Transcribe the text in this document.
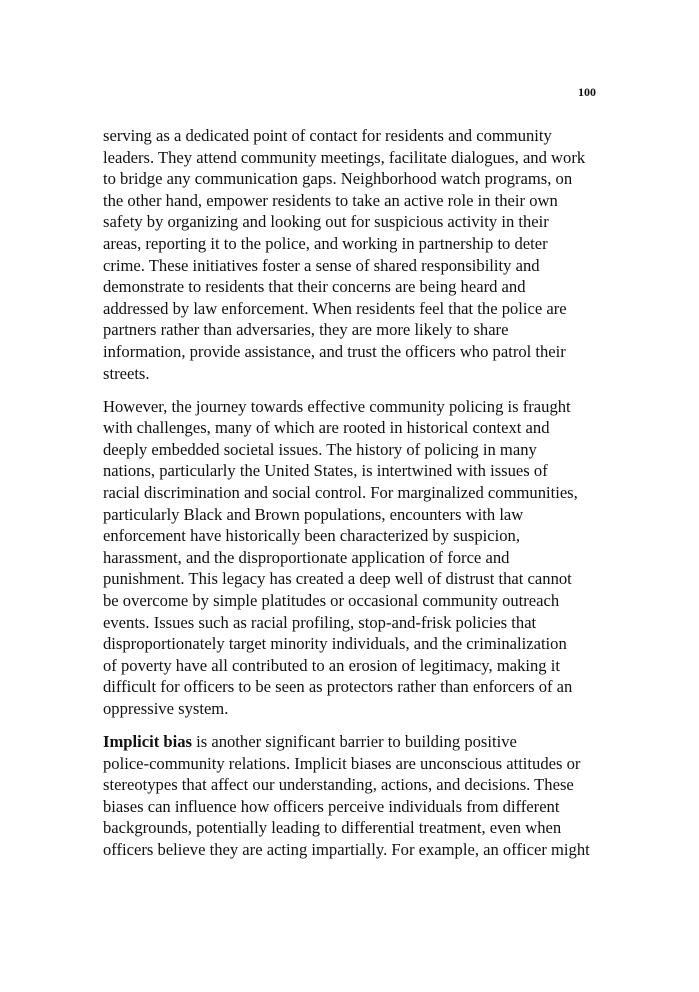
100
serving as a dedicated point of contact for residents and community
leaders. They attend community meetings, facilitate dialogues, and work
to bridge any communication gaps. Neighborhood watch programs, on
the other hand, empower residents to take an active role in their own
safety by organizing and looking out for suspicious activity in their
areas, reporting it to the police, and working in partnership to deter
crime. These initiatives foster a sense of shared responsibility and
demonstrate to residents that their concerns are being heard and
addressed by law enforcement. When residents feel that the police are
partners rather than adversaries, they are more likely to share
information, provide assistance, and trust the officers who patrol their
streets.
However, the journey towards effective community policing is fraught
with challenges, many of which are rooted in historical context and
deeply embedded societal issues. The history of policing in many
nations, particularly the United States, is intertwined with issues of
racial discrimination and social control. For marginalized communities,
particularly Black and Brown populations, encounters with law
enforcement have historically been characterized by suspicion,
harassment, and the disproportionate application of force and
punishment. This legacy has created a deep well of distrust that cannot
be overcome by simple platitudes or occasional community outreach
events. Issues such as racial profiling, stop-and-frisk policies that
disproportionately target minority individuals, and the criminalization
of poverty have all contributed to an erosion of legitimacy, making it
difficult for officers to be seen as protectors rather than enforcers of an
oppressive system.
Implicit bias is another significant barrier to building positive
police-community relations. Implicit biases are unconscious attitudes or
stereotypes that affect our understanding, actions, and decisions. These
biases can influence how officers perceive individuals from different
backgrounds, potentially leading to differential treatment, even when
officers believe they are acting impartially. For example, an officer might
